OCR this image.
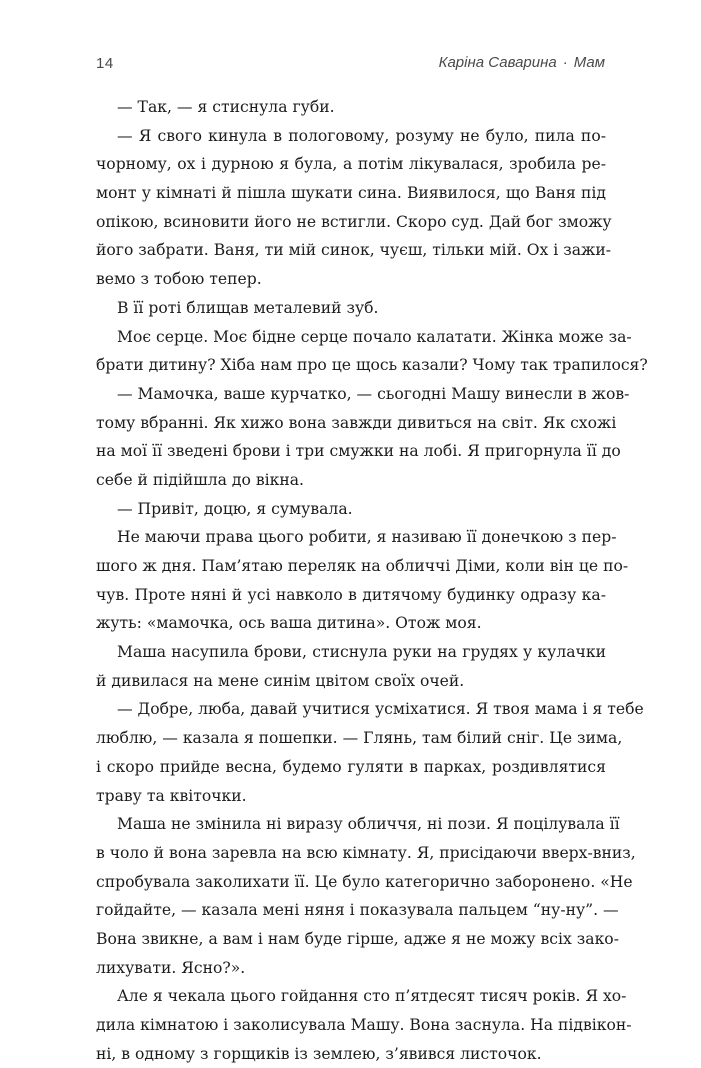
14	Каріна Саварина · Мам
— Так, — я стиснула губи.
— Я свого кинула в пологовому, розуму не було, пила по-
чорному, ох і дурною я була, а потім лікувалася, зробила ре-
монт у кімнаті й пішла шукати сина. Виявилося, що Ваня під
опікою, всиновити його не встигли. Скоро суд. Дай бог зможу
його забрати. Ваня, ти мій синок, чуєш, тільки мій. Ох і зажи-
вемо з тобою тепер.
В її роті блищав металевий зуб.
Моє серце. Моє бідне серце почало калатати. Жінка може за-
брати дитину? Хіба нам про це щось казали? Чому так трапилося?
— Мамочка, ваше курчатко, — сьогодні Машу винесли в жов-
тому вбранні. Як хижо вона завжди дивиться на світ. Як схожі
на мої її зведені брови і три смужки на лобі. Я пригорнула її до
себе й підійшла до вікна.
— Привіт, доцю, я сумувала.
Не маючи права цього робити, я називаю її донечкою з пер-
шого ж дня. Пам’ятаю переляк на обличчі Діми, коли він це по-
чув. Проте няні й усі навколо в дитячому будинку одразу ка-
жуть: «мамочка, ось ваша дитина». Отож моя.
Маша насупила брови, стиснула руки на грудях у кулачки
й дивилася на мене синім цвітом своїх очей.
— Добре, люба, давай учитися усміхатися. Я твоя мама і я тебе
люблю, — казала я пошепки. — Глянь, там білий сніг. Це зима,
і скоро прийде весна, будемо гуляти в парках, роздивлятися
траву та квіточки.
Маша не змінила ні виразу обличчя, ні пози. Я поцілувала її
в чоло й вона заревла на всю кімнату. Я, присідаючи вверх-вниз,
спробувала заколихати її. Це було категорично заборонено. «Не
гойдайте, — казала мені няня і показувала пальцем “ну-ну”. —
Вона звикне, а вам і нам буде гірше, адже я не можу всіх зако-
лихувати. Ясно?».
Але я чекала цього гойдання сто п’ятдесят тисяч років. Я хо-
дила кімнатою і заколисувала Машу. Вона заснула. На підвікон-
ні, в одному з горщиків із землею, з’явився листочок.
